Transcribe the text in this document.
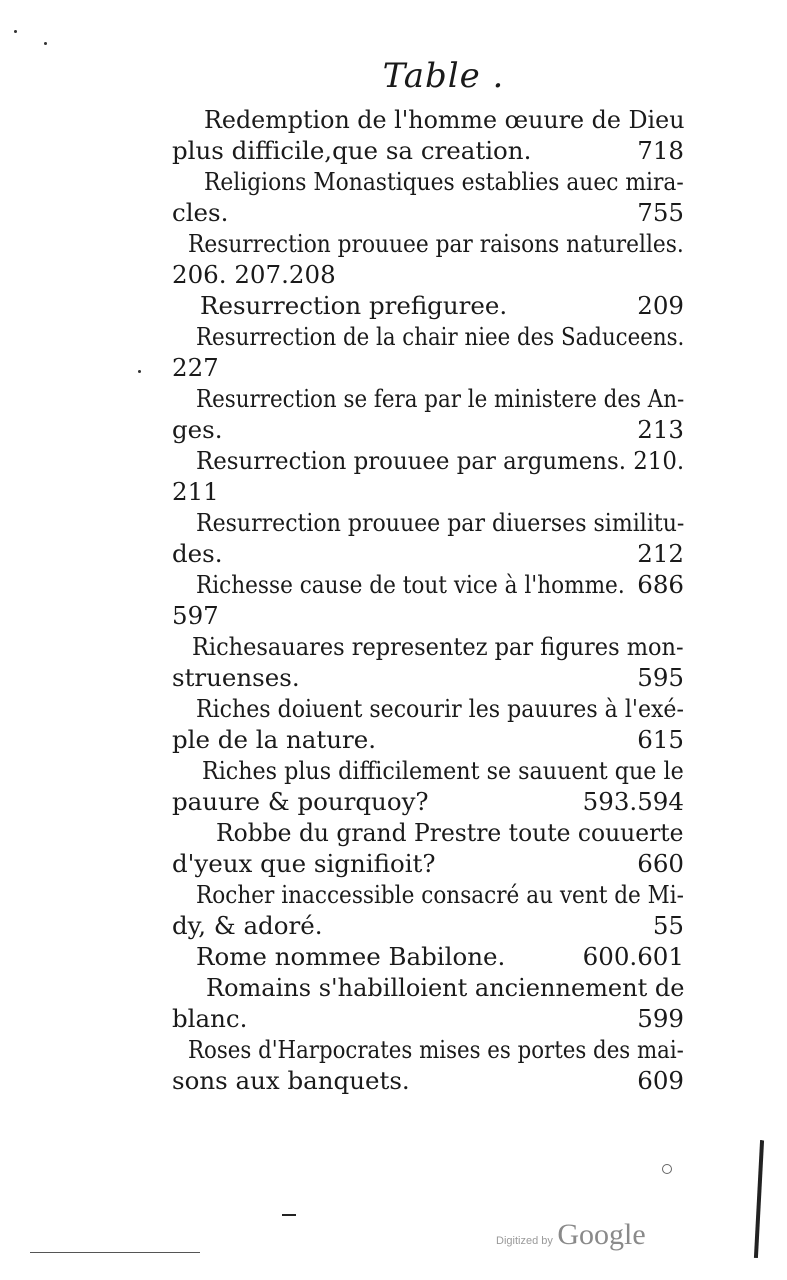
Table .
Redemption de l'homme œuure de Dieu
plus difficile,que sa creation.	718
Religions Monastiques establies auec mira-
cles.	755
Resurrection prouuee par raisons naturelles.
206. 207.208
Resurrection prefiguree.	209
Resurrection de la chair niee des Saduceens.
227
Resurrection se fera par le ministere des An-
ges.	213
Resurrection prouuee par argumens. 210.
211
Resurrection prouuee par diuerses similitu-
des.	212
Richesse cause de tout vice à l'homme. 686
597
Richesauares representez par figures mon-
struenses.	595
Riches doiuent secourir les pauures à l'exé-
ple de la nature.	615
Riches plus difficilement se sauuent que le
pauure & pourquoy?	593.594
Robbe du grand Prestre toute couuerte
d'yeux que signifioit?	660
Rocher inaccessible consacré au vent de Mi-
dy, & adoré.	55
Rome nommee Babilone.	600.601
Romains s'habilloient anciennement de
blanc.	599
Roses d'Harpocrates mises es portes des mai-
sons aux banquets.	609
Digitized by Google
